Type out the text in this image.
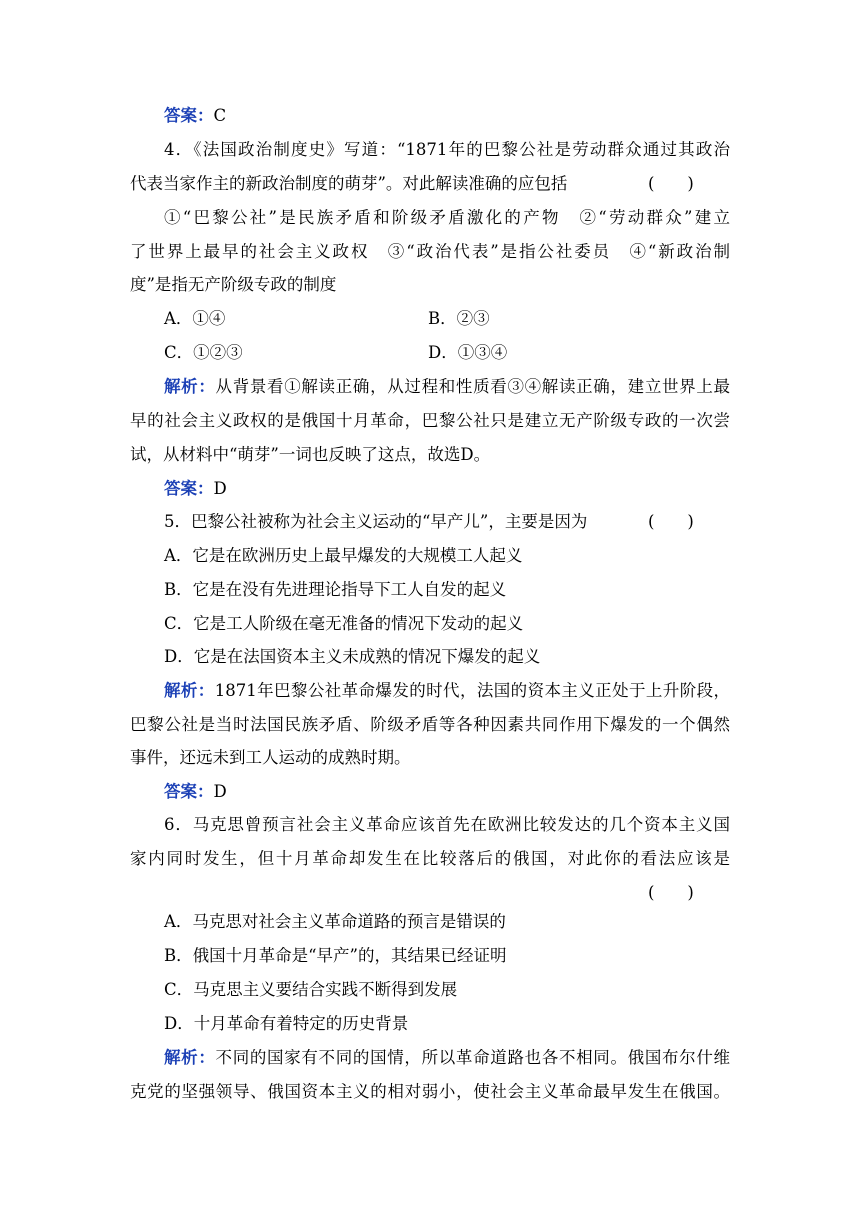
答案：C
4．《法国政治制度史》写道：“1871年的巴黎公社是劳动群众通过其政治
代表当家作主的新政治制度的萌芽”。对此解读准确的应包括	(　　)
①“巴黎公社”是民族矛盾和阶级矛盾激化的产物　②“劳动群众”建立
了世界上最早的社会主义政权　③“政治代表”是指公社委员　④“新政治制
度”是指无产阶级专政的制度
A．①④	B．②③
C．①②③	D．①③④
解析：从背景看①解读正确，从过程和性质看③④解读正确，建立世界上最
早的社会主义政权的是俄国十月革命，巴黎公社只是建立无产阶级专政的一次尝
试，从材料中“萌芽”一词也反映了这点，故选D。
答案：D
5．巴黎公社被称为社会主义运动的“早产儿”，主要是因为	(　　)
A．它是在欧洲历史上最早爆发的大规模工人起义
B．它是在没有先进理论指导下工人自发的起义
C．它是工人阶级在毫无准备的情况下发动的起义
D．它是在法国资本主义未成熟的情况下爆发的起义
解析：1871年巴黎公社革命爆发的时代，法国的资本主义正处于上升阶段，
巴黎公社是当时法国民族矛盾、阶级矛盾等各种因素共同作用下爆发的一个偶然
事件，还远未到工人运动的成熟时期。
答案：D
6．马克思曾预言社会主义革命应该首先在欧洲比较发达的几个资本主义国
家内同时发生，但十月革命却发生在比较落后的俄国，对此你的看法应该是
(　　)
A．马克思对社会主义革命道路的预言是错误的
B．俄国十月革命是“早产”的，其结果已经证明
C．马克思主义要结合实践不断得到发展
D．十月革命有着特定的历史背景
解析：不同的国家有不同的国情，所以革命道路也各不相同。俄国布尔什维
克党的坚强领导、俄国资本主义的相对弱小，使社会主义革命最早发生在俄国。
